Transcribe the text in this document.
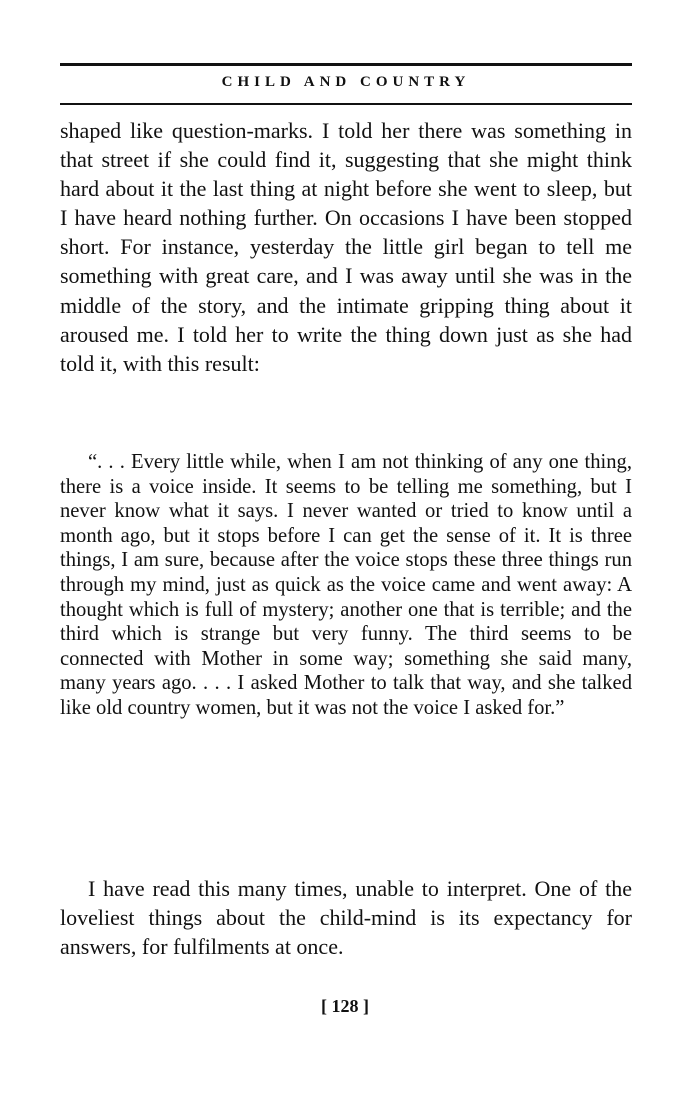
CHILD AND COUNTRY

shaped like question-marks. I told her there was something in that street if she could find it, suggesting that she might think hard about it the last thing at night before she went to sleep, but I have heard nothing further. On occasions I have been stopped short. For instance, yesterday the little girl began to tell me something with great care, and I was away until she was in the middle of the story, and the intimate gripping thing about it aroused me. I told her to write the thing down just as she had told it, with this result:

“. . . Every little while, when I am not thinking of any one thing, there is a voice inside. It seems to be telling me something, but I never know what it says. I never wanted or tried to know until a month ago, but it stops before I can get the sense of it. It is three things, I am sure, because after the voice stops these three things run through my mind, just as quick as the voice came and went away: A thought which is full of mystery; another one that is terrible; and the third which is strange but very funny. The third seems to be connected with Mother in some way; something she said many, many years ago. . . . I asked Mother to talk that way, and she talked like old country women, but it was not the voice I asked for.”

I have read this many times, unable to interpret. One of the loveliest things about the child-mind is its expectancy for answers, for fulfilments at once.

[ 128 ]
